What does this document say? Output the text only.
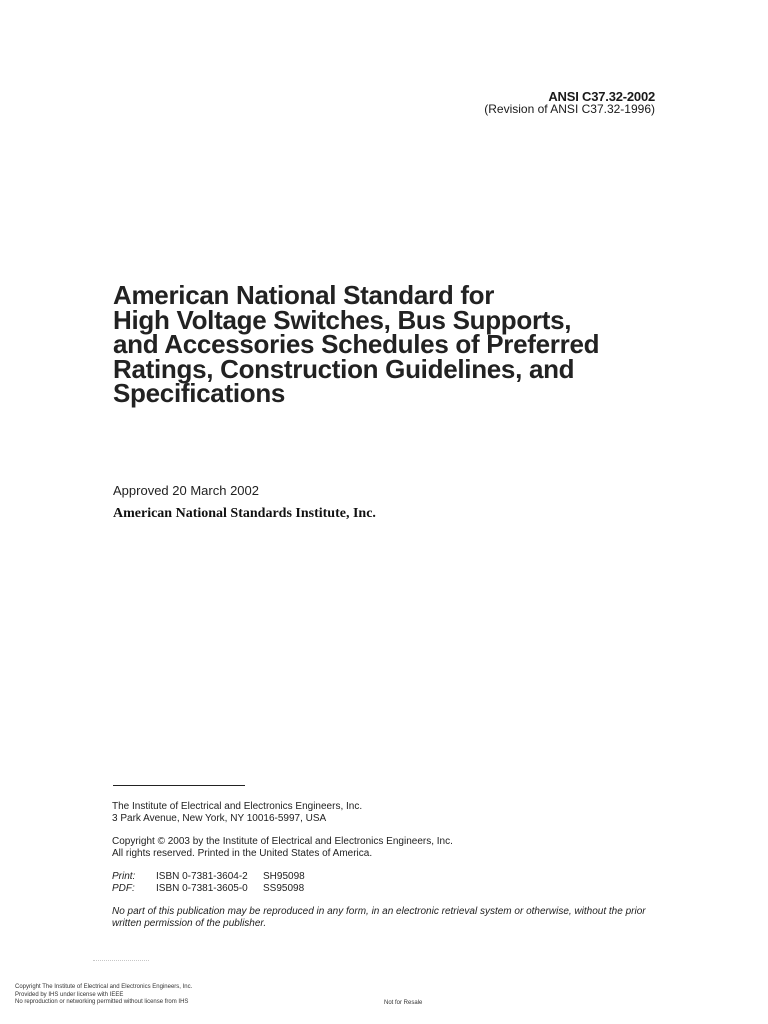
ANSI C37.32-2002
(Revision of ANSI C37.32-1996)
American National Standard for
High Voltage Switches, Bus Supports,
and Accessories Schedules of Preferred
Ratings, Construction Guidelines, and
Specifications
Approved 20 March 2002
American National Standards Institute, Inc.
The Institute of Electrical and Electronics Engineers, Inc.
3 Park Avenue, New York, NY 10016-5997, USA
Copyright © 2003 by the Institute of Electrical and Electronics Engineers, Inc.
All rights reserved. Printed in the United States of America.
Print:	ISBN 0-7381-3604-2	SH95098
PDF:	ISBN 0-7381-3605-0	SS95098
No part of this publication may be reproduced in any form, in an electronic retrieval system or otherwise, without the prior written permission of the publisher.
Copyright The Institute of Electrical and Electronics Engineers, Inc.
Provided by IHS under license with IEEE
No reproduction or networking permitted without license from IHS	Not for Resale
